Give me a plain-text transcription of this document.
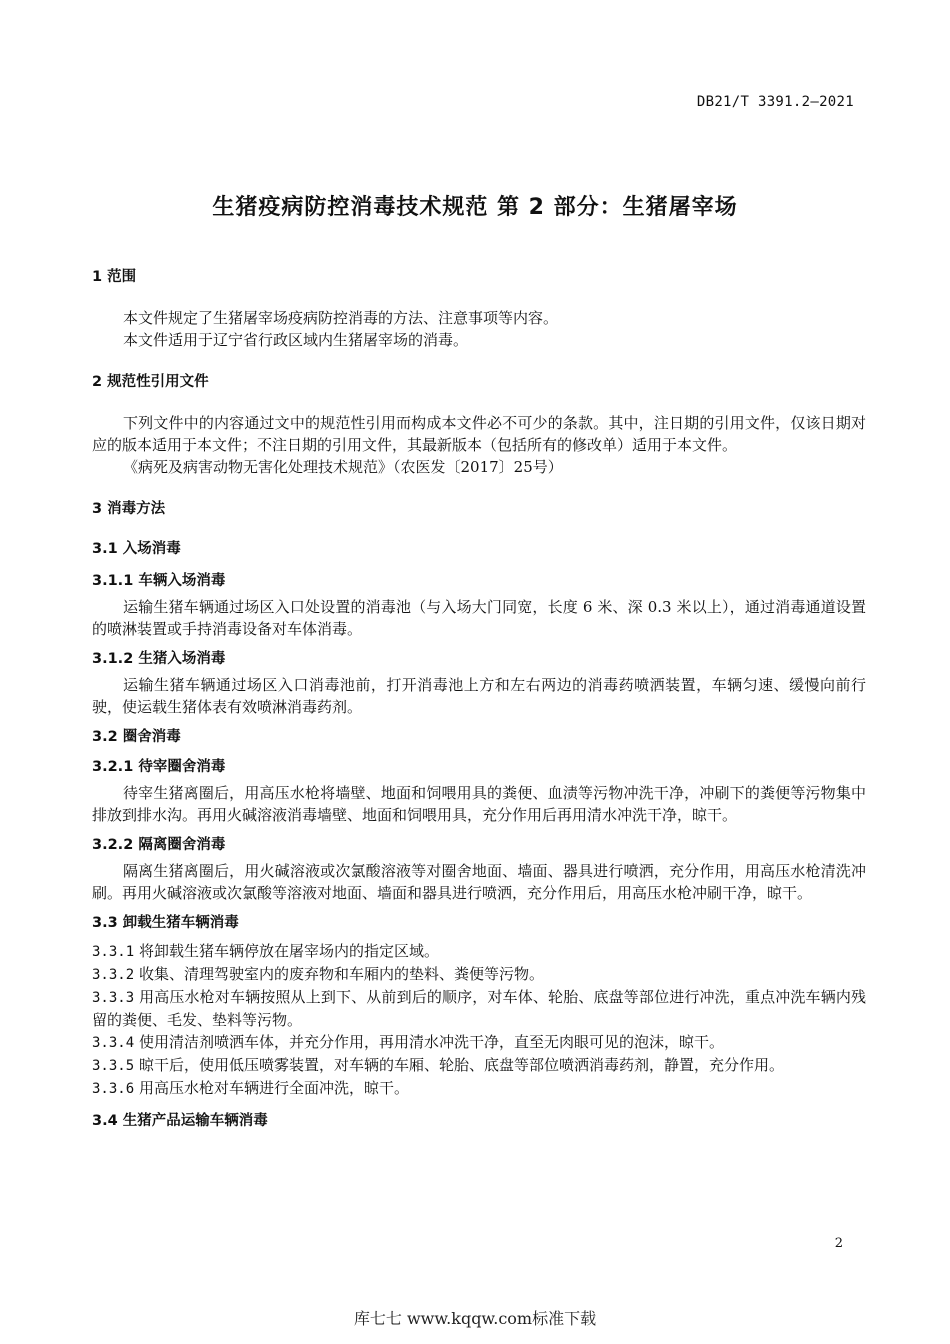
DB21/T 3391.2—2021
生猪疫病防控消毒技术规范 第 2 部分：生猪屠宰场
1 范围

本文件规定了生猪屠宰场疫病防控消毒的方法、注意事项等内容。

本文件适用于辽宁省行政区域内生猪屠宰场的消毒。

2 规范性引用文件

下列文件中的内容通过文中的规范性引用而构成本文件必不可少的条款。其中，注日期的引用文件，仅该日期对应的版本适用于本文件；不注日期的引用文件，其最新版本（包括所有的修改单）适用于本文件。

《病死及病害动物无害化处理技术规范》（农医发〔2017〕25号）

3 消毒方法
3.1 入场消毒
3.1.1 车辆入场消毒

运输生猪车辆通过场区入口处设置的消毒池（与入场大门同宽，长度 6 米、深 0.3 米以上），通过消毒通道设置的喷淋装置或手持消毒设备对车体消毒。

3.1.2 生猪入场消毒

运输生猪车辆通过场区入口消毒池前，打开消毒池上方和左右两边的消毒药喷洒装置，车辆匀速、缓慢向前行驶，使运载生猪体表有效喷淋消毒药剂。

3.2 圈舍消毒
3.2.1 待宰圈舍消毒

待宰生猪离圈后，用高压水枪将墙壁、地面和饲喂用具的粪便、血渍等污物冲洗干净，冲刷下的粪便等污物集中排放到排水沟。再用火碱溶液消毒墙壁、地面和饲喂用具，充分作用后再用清水冲洗干净，晾干。

3.2.2 隔离圈舍消毒

隔离生猪离圈后，用火碱溶液或次氯酸溶液等对圈舍地面、墙面、器具进行喷洒，充分作用，用高压水枪清洗冲刷。再用火碱溶液或次氯酸等溶液对地面、墙面和器具进行喷洒，充分作用后，用高压水枪冲刷干净，晾干。

3.3 卸载生猪车辆消毒

3.3.1 将卸载生猪车辆停放在屠宰场内的指定区域。

3.3.2 收集、清理驾驶室内的废弃物和车厢内的垫料、粪便等污物。

3.3.3 用高压水枪对车辆按照从上到下、从前到后的顺序，对车体、轮胎、底盘等部位进行冲洗，重点冲洗车辆内残留的粪便、毛发、垫料等污物。

3.3.4 使用清洁剂喷洒车体，并充分作用，再用清水冲洗干净，直至无肉眼可见的泡沫，晾干。

3.3.5 晾干后，使用低压喷雾装置，对车辆的车厢、轮胎、底盘等部位喷洒消毒药剂，静置，充分作用。

3.3.6 用高压水枪对车辆进行全面冲洗，晾干。

3.4 生猪产品运输车辆消毒
2
库七七 www.kqqw.com标准下载
